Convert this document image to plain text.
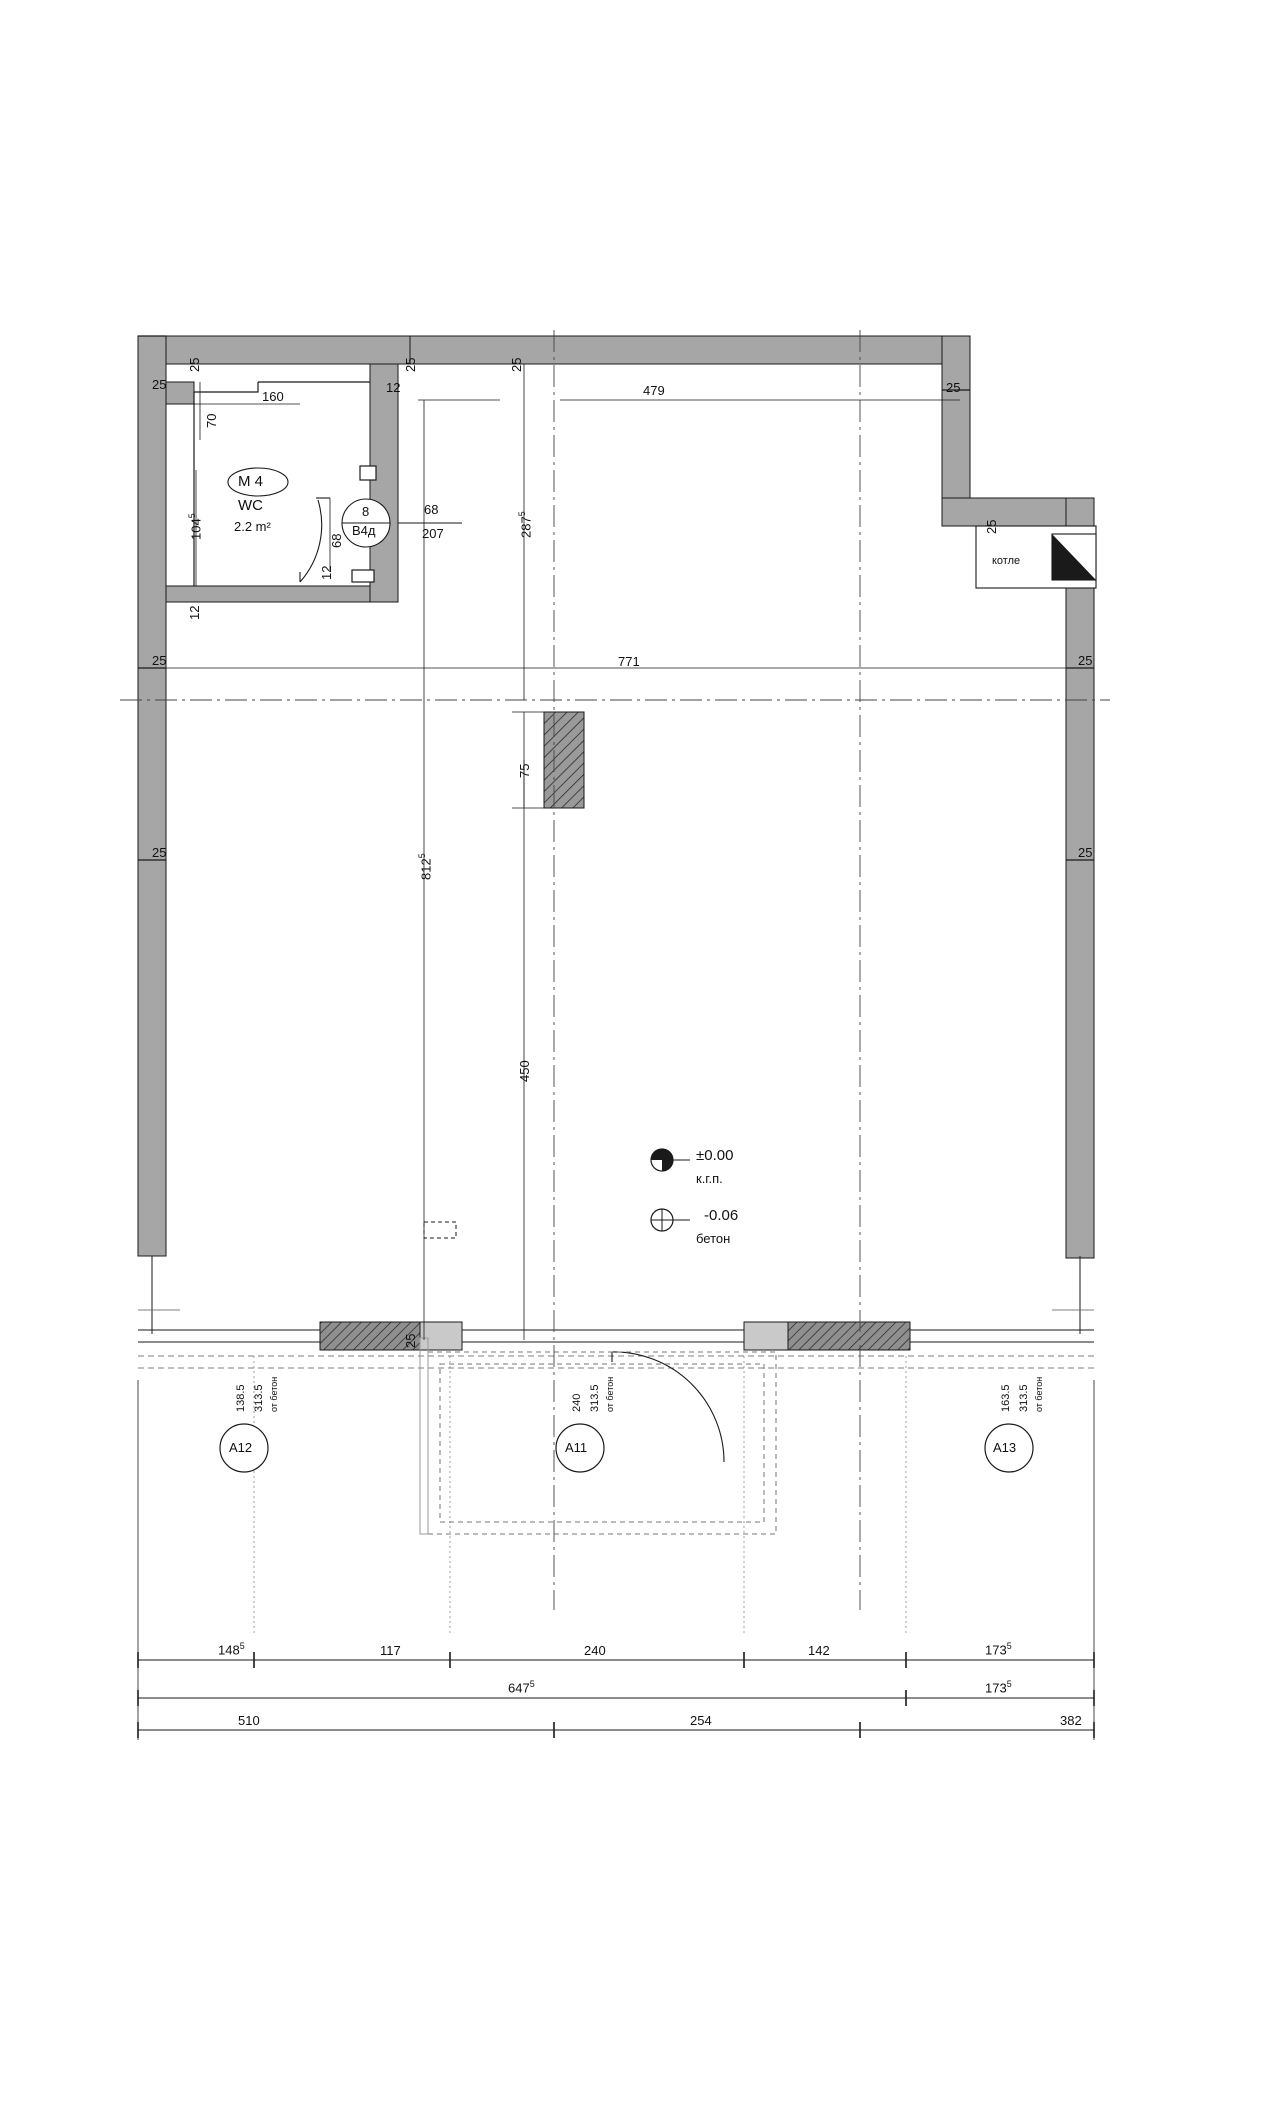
25
25
25	25
160
12	479	25
70
$104^5$
68
12
12
M 4
WC
2.2 m²
8
В4д
68
207	25
котле
25	25
25	25
771
$287^5$
$812^5$
75
450
±0.00
к.г.п.
-0.06
бетон
25
138.5 313.5 от бетон
A12
240 313.5 от бетон
A11
163.5 313.5 от бетон
A13
$148^5$	117	240	142	$173^5$
$647^5$	$173^5$
510	254	382
